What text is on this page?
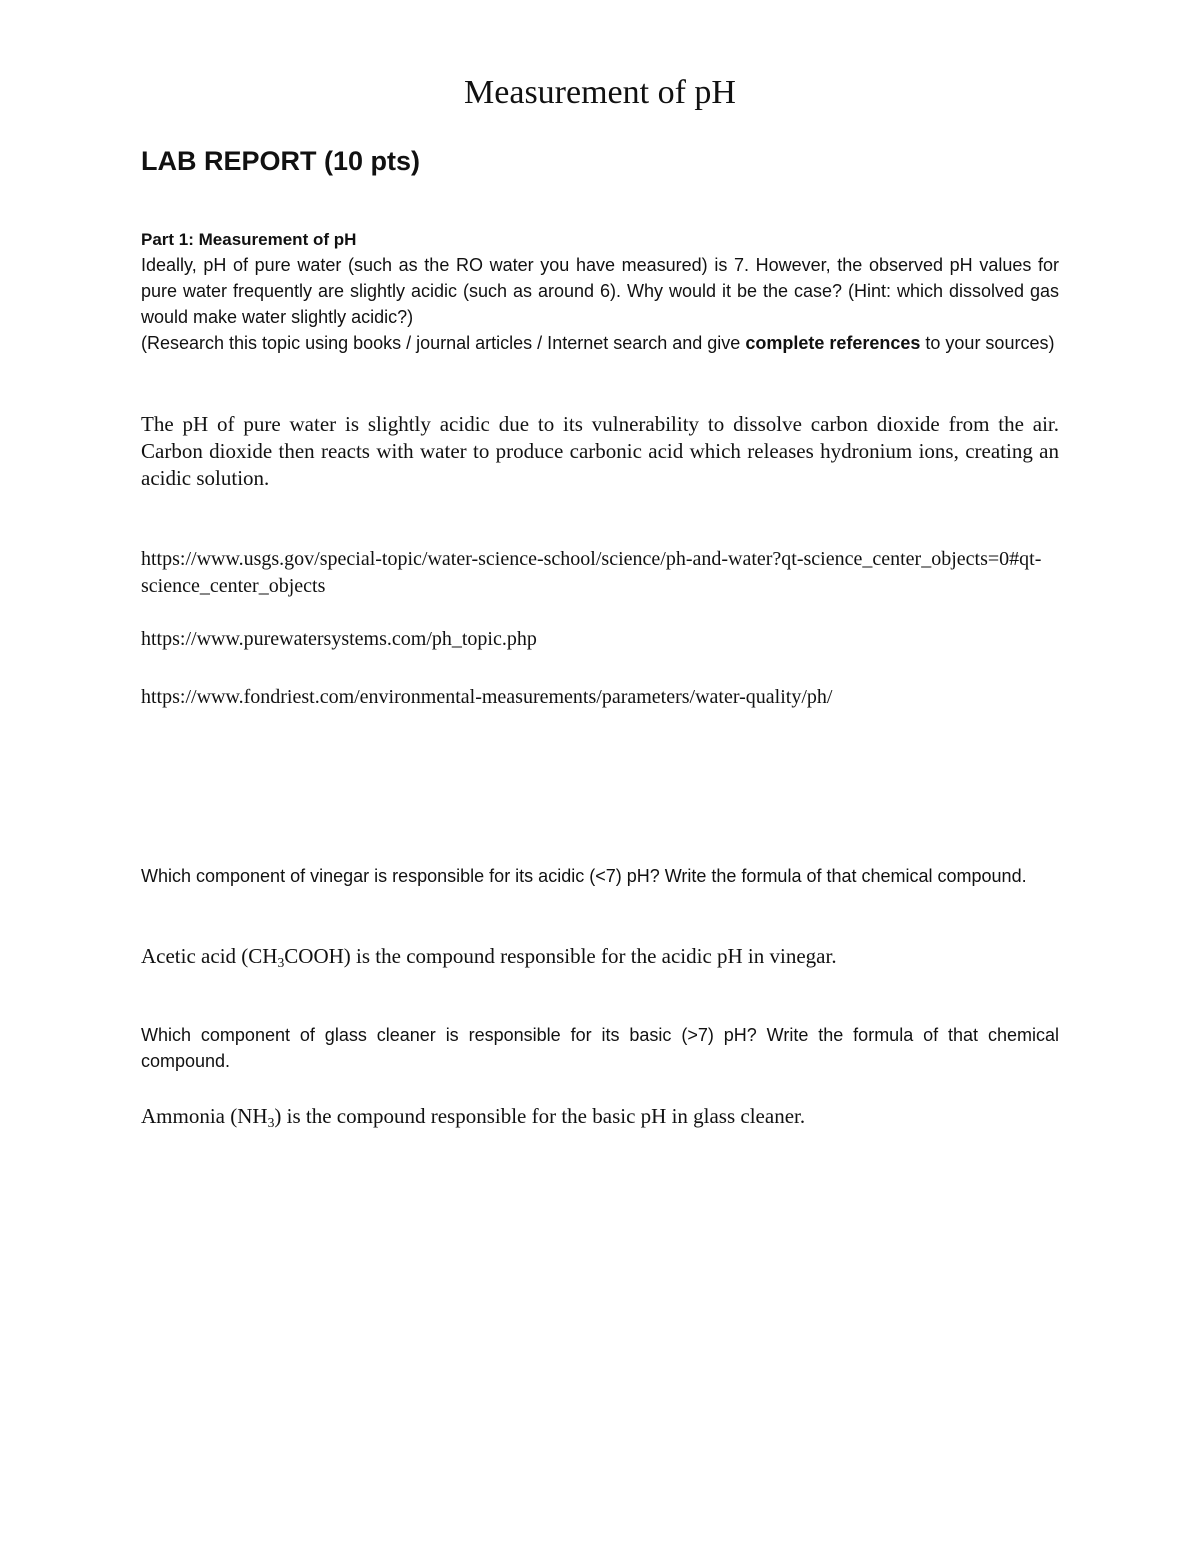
Measurement of pH
LAB REPORT (10 pts)
Part 1: Measurement of pH
Ideally, pH of pure water (such as the RO water you have measured) is 7. However, the observed pH values for pure water frequently are slightly acidic (such as around 6). Why would it be the case? (Hint: which dissolved gas would make water slightly acidic?)
(Research this topic using books / journal articles / Internet search and give complete references to your sources)
The pH of pure water is slightly acidic due to its vulnerability to dissolve carbon dioxide from the air. Carbon dioxide then reacts with water to produce carbonic acid which releases hydronium ions, creating an acidic solution.
https://www.usgs.gov/special-topic/water-science-school/science/ph-and-water?qt-science_center_objects=0#qt-science_center_objects
https://www.purewatersystems.com/ph_topic.php
https://www.fondriest.com/environmental-measurements/parameters/water-quality/ph/
Which component of vinegar is responsible for its acidic (<7) pH? Write the formula of that chemical compound.
Acetic acid $(CH_3COOH)$ is the compound responsible for the acidic pH in vinegar.
Which component of glass cleaner is responsible for its basic (>7) pH? Write the formula of that chemical compound.
Ammonia $(NH_3)$ is the compound responsible for the basic pH in glass cleaner.
